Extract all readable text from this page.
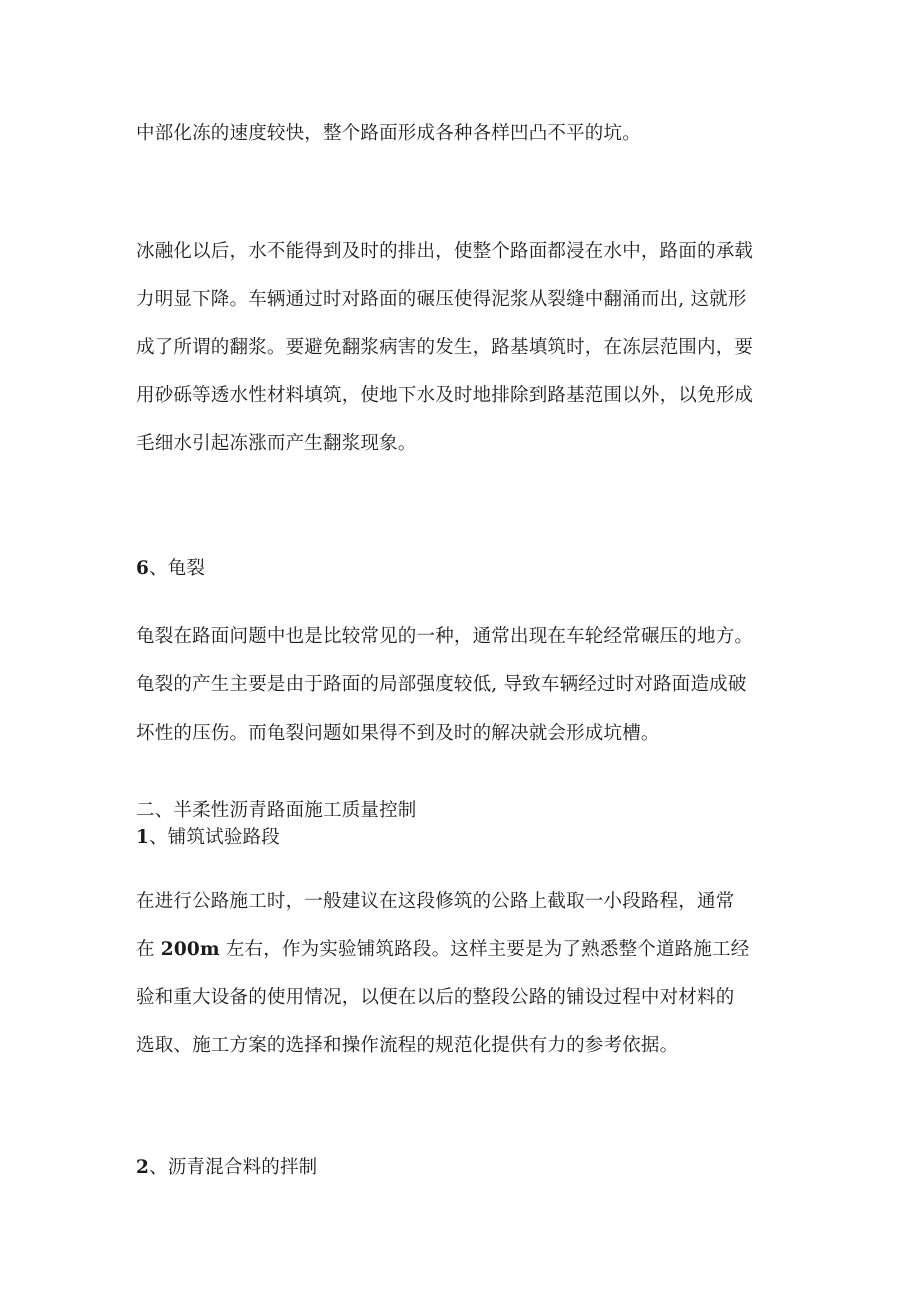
中部化冻的速度较快，整个路面形成各种各样凹凸不平的坑。
冰融化以后，水不能得到及时的排出，使整个路面都浸在水中，路面的承载
力明显下降。车辆通过时对路面的碾压使得泥浆从裂缝中翻涌而出, 这就形
成了所谓的翻浆。要避免翻浆病害的发生，路基填筑时，在冻层范围内，要
用砂砾等透水性材料填筑，使地下水及时地排除到路基范围以外，以免形成
毛细水引起冻涨而产生翻浆现象。
6、龟裂
龟裂在路面问题中也是比较常见的一种，通常出现在车轮经常碾压的地方。
龟裂的产生主要是由于路面的局部强度较低, 导致车辆经过时对路面造成破
坏性的压伤。而龟裂问题如果得不到及时的解决就会形成坑槽。
二、半柔性沥青路面施工质量控制
1、铺筑试验路段
在进行公路施工时，一般建议在这段修筑的公路上截取一小段路程，通常
在 200m 左右，作为实验铺筑路段。这样主要是为了熟悉整个道路施工经
验和重大设备的使用情况，以便在以后的整段公路的铺设过程中对材料的
选取、施工方案的选择和操作流程的规范化提供有力的参考依据。
2、沥青混合料的拌制
